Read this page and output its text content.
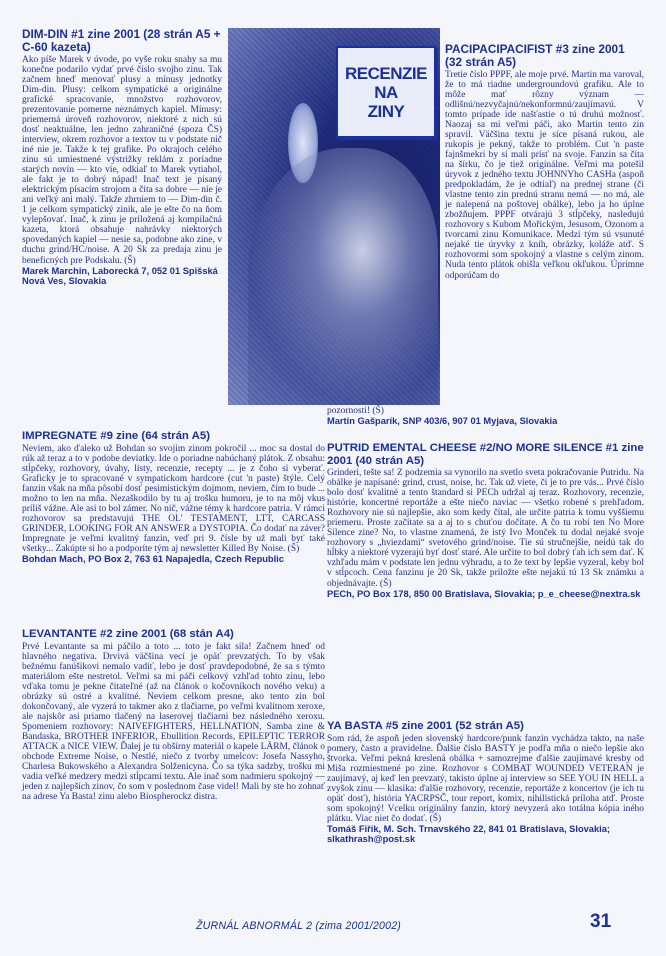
DIM-DIN #1 zine 2001 (28 strán A5 + C-60 kazeta)

Ako píše Marek v úvode, po vyše roku snahy sa mu konečne podarilo vydať prvé číslo svojho zinu. Tak začnem hneď menovať plusy a mínusy jednotky Dim-din. Plusy: celkom sympatické a originálne grafické spracovanie, množstvo rozhovorov, prezentovanie pomerne neznámych kapiel. Mínusy: priemerná úroveň rozhovorov, niektoré z nich sú dosť neaktuálne, len jedno zahraničné (spoza ČS) interview, okrem rozhovor a textov tu v podstate nič iné nie je. Takže k tej grafike. Po okrajoch celého zinu sú umiestnené výstrižky reklám z poriadne starých novín — kto vie, odkiaľ to Marek vytiahol, ale fakt je to dobrý nápad! Inač text je písaný elektrickým písacím strojom a čita sa dobre — nie je ani veľký ani malý. Takže zhrniem to — Dim-din č. 1 je celkom sympatický zinik, ale je ešte čo na ňom vylepšovať. Inač, k zinu je priložená aj kompilačná kazeta, ktorá obsahuje nahrávky niektorých spovedaných kapiel — nesie sa, podobne ako zine, v duchu grind/HC/noise. A 20 Sk za predaja zinu je beneficných pre Podskalu. (Š)

Marek Marchin, Laborecká 7, 052 01 Spišská Nová Ves, Slovakia
RECENZIE
NA
ZINY
PACIPACIPACIFIST #3 zine 2001 (32 strán A5)

Tretie číslo PPPF, ale moje prvé. Martin ma varoval, že to má riadne undergroundovú grafiku. Ale to môže mať rôzny význam — odlišnú/nezvyčajnú/nekonformnú/zaujímavú. V tomto prípade ide našťastie o tú druhú možnosť. Naozaj sa mi veľmi páči, ako Martin tento zin spravil. Väčšina textu je síce písaná rukou, ale rukopis je pekný, takže to problém. Cut 'n paste fajnšmekri by si mali prísť na svoje. Fanzin sa číta na šírku, čo je tiež originálne. Veľmi ma potešil úryvok z jedného textu JOHNNYho CASHa (aspoň predpokladám, že je odtiaľ) na prednej strane (či vlastne tento zin prednú stranu nemá — no má, ale je nalepená na poštovej obálke), lebo ja ho úplne zbožňujem. PPPF otvárajú 3 stĺpčeky, nasledujú rozhovory s Kubom Mořickým, Jesusom, Ozonom a tvorcami zinu Komunikace. Medzi tým sú vsunuté nejaké tie úryvky z kníh, obrázky, koláže atď. S rozhovormi som spokojný a vlastne s celým zinom. Nuda tento plátok obišla veľkou okľukou. Úprimne odporúčam do

pozornosti! (Š)

Martin Gašparík, SNP 403/6, 907 01 Myjava, Slovakia
IMPREGNATE #9 zine (64 strán A5)

Neviem, ako ďaleko už Bohdan so svojim zinom pokročil ... moc sa dostal do rúk až teraz a to v podobe deviatky. Ide o poriadne nabúchaný plátok. Z obsahu: stĺpčeky, rozhovory, úvahy, listy, recenzie, recepty ... je z čoho si vyberať. Graficky je to spracované v sympatickom hardcore (cut 'n paste) štýle. Celý fanzin však na mňa pôsobí dosť pesimistickým dojmom, neviem, čím to bude ... možno to len na mňa. Nezaškodilo by tu aj trošku humoru, je to na môj vkus príliš vážne. Ale asi to bol zámer. No nič, vážne témy k hardcore patria. V rámci rozhovorov sa predstavujú THE OL' TESTAMENT, LTT, CARCASS GRINDER, LOOKING FOR AN ANSWER a DYSTOPIA. Čo dodať na záver? Impregnate je veľmi kvalitný fanzin, veď pri 9. čísle by už mali byť také všetky... Zakúpte si ho a podporíte tým aj newsletter Killed By Noise. (Š)

Bohdan Mach, PO Box 2, 763 61 Napajedla, Czech Republic
PUTRID EMENTAL CHEESE #2/NO MORE SILENCE #1 zine 2001 (40 strán A5)

Grinderi, tešte sa! Z podzemia sa vynorilo na svetlo sveta pokračovanie Putridu. Na obálke je napísané: grind, crust, noise, hc. Tak už viete, či je to pre vás... Prvé číslo bolo dosť kvalitné a tento štandard si PECh udržal aj teraz. Rozhovory, recenzie, históriе, koncertné reportáže a ešte niečo naviac — všetko robené s prehľadom. Rozhovory nie sú najlepšie, ako som kedy čítal, ale určite patria k tomu vyššiemu priemeru. Proste začítate sa a aj to s chuťou dočítate. A čo tu robí ten No More Silence zine? No, to vlastne znamená, že istý Ivo Monček tu dodal nejaké svoje rozhovory s „hviezdami“ svetového grind/noise. Tie sú stručnejšie, neidú tak do hĺbky a niektoré vyzerajú byť dosť staré. Ale určite to bol dobrý ťah ich sem dať. K vzhľadu mám v podstate len jednu výhradu, a to že text by lepšie vyzeral, keby bol v stĺpcoch. Cena fanzinu je 20 Sk, takže priložte ešte nejakú tú 13 Sk známku a objednávajte. (Š)

PECh, PO Box 178, 850 00 Bratislava, Slovakia; p_e_cheese@nextra.sk
LEVANTANTE #2 zine 2001 (68 stán A4)

Prvé Levantante sa mi páčilo a toto ... toto je fakt sila! Začnem hneď od hlavného negatíva. Drvivá väčšina vecí je opäť prevzatých. To by však bežnému fanúšikovi nemalo vadiť, lebo je dosť pravdepodobné, že sa s týmto materiálom ešte nestretol. Veľmi sa mi páči celkový vzhľad tohto zinu, lebo vďaka tomu je pekne čitateľné (až na článok o kočovníkoch nového veku) a obrázky sú ostré a kvalitné. Neviem celkom presne, ako tento zin bol dokončovaný, ale vyzerá to takmer ako z tlačiarne, po veľmi kvalitnom xeroxe, ale najskôr asi priamo tlačený na laserovej tlačiarni bez následného xeroxu. Spomeniem rozhovory: NAIVEFIGHTERS, HELLNATION, Samba zine & Bandaska, BROTHER INFERIOR, Ebullition Records, EPILEPTIC TERROR ATTACK a NICE VIEW. Ďalej je tu obšírny materiál o kapele LÄRM, článok o obchode Extreme Noise, o Nestlé, niečo z tvorby umelcov: Josefa Nassyho, Charlesa Bukowského a Alexandra Solženicyna. Čo sa týka sadzby, trošku mi vadia veľké medzery medzi stĺpcami textu. Ale inač som nadmieru spokojný — jeden z najlepších zinov, čo som v poslednom čase videl! Mali by ste ho zohnať na adrese Ya Basta! zinu alebo Biospherockz distra.

YA BASTA #5 zine 2001 (52 strán A5)

Som rád, že aspoň jeden slovenský hardcore/punk fanzin vychádza takto, na naše pomery, často a pravidelne. Ďalšie číslo BASTY je podľa mňa o niečo lepšie ako štvorka. Veľmi pekná kreslená obálka + samozrejme ďalšie zaujímavé kresby od Miša rozmiestnené po zine. Rozhovor s COMBAT WOUNDED VETERAN je zaujímavý, aj keď len prevzatý, takisto úplne aj interview so SEE YOU IN HELL a zvyšok zinu — klasika: ďalšie rozhovory, recenzie, reportáže z koncertov (je ich tu opäť dosť), história YACRPSČ, tour report, komix, nihilistická príloha atď. Proste som spokojný! Vcelku originálny fanzin, ktorý nevyzerá ako totálna kópia iného plátku. Viac niet čo dodať. (Š)

Tomáš Fiřík, M. Sch. Trnavského 22, 841 01 Bratislava, Slovakia; slkathrash@post.sk
ŽURNÁL ABNORMÁL 2 (zima 2001/2002)	31
